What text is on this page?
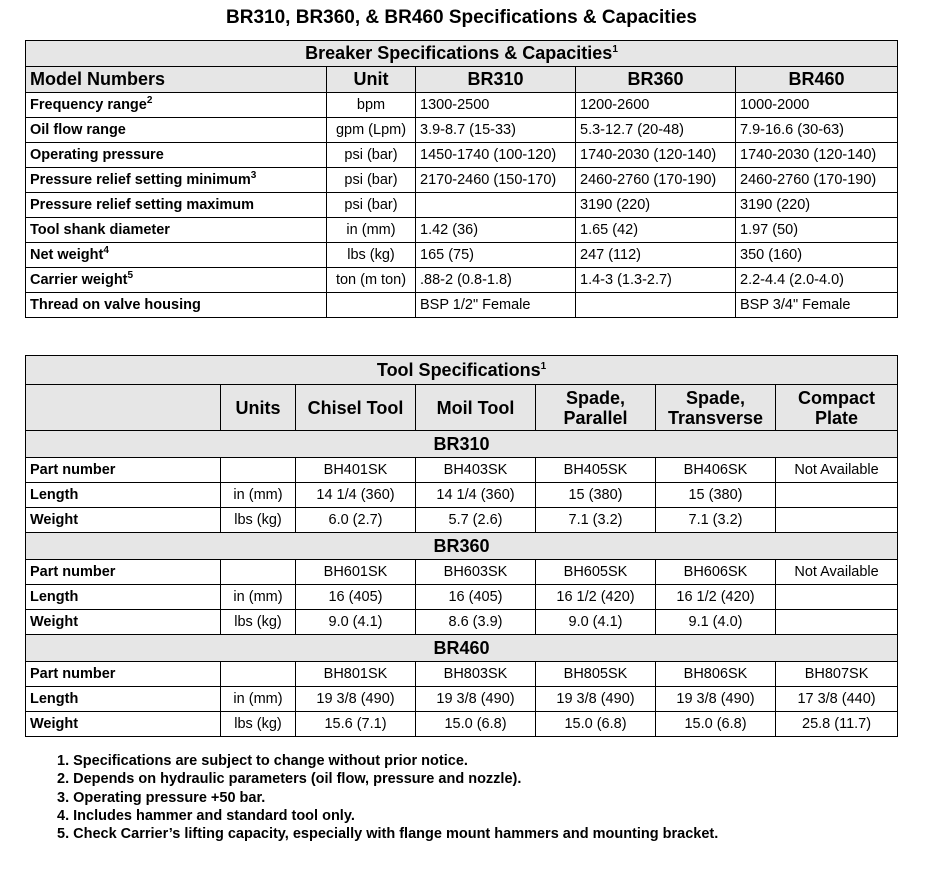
BR310, BR360, & BR460 Specifications & Capacities
Breaker Specifications & Capacities$^1$
Model Numbers	Unit	BR310	BR360	BR460
Frequency range$^2$	bpm	1300-2500	1200-2600	1000-2000
Oil flow range	gpm (Lpm)	3.9-8.7 (15-33)	5.3-12.7 (20-48)	7.9-16.6 (30-63)
Operating pressure	psi (bar)	1450-1740 (100-120)	1740-2030 (120-140)	1740-2030 (120-140)
Pressure relief setting minimum$^3$	psi (bar)	2170-2460 (150-170)	2460-2760 (170-190)	2460-2760 (170-190)
Pressure relief setting maximum	psi (bar)		3190 (220)	3190 (220)
Tool shank diameter	in (mm)	1.42 (36)	1.65 (42)	1.97 (50)
Net weight$^4$	lbs (kg)	165 (75)	247 (112)	350 (160)
Carrier weight$^5$	ton (m ton)	.88-2 (0.8-1.8)	1.4-3 (1.3-2.7)	2.2-4.4 (2.0-4.0)
Thread on valve housing		BSP 1/2" Female		BSP 3/4" Female
Tool Specifications$^1$
	Units	Chisel Tool	Moil Tool	Spade, Parallel	Spade, Transverse	Compact Plate
BR310						
Part number		BH401SK	BH403SK	BH405SK	BH406SK	Not Available
Length	in (mm)	14 1/4 (360)	14 1/4 (360)	15 (380)	15 (380)	
Weight	lbs (kg)	6.0 (2.7)	5.7 (2.6)	7.1 (3.2)	7.1 (3.2)	
BR360						
Part number		BH601SK	BH603SK	BH605SK	BH606SK	Not Available
Length	in (mm)	16 (405)	16 (405)	16 1/2 (420)	16 1/2 (420)	
Weight	lbs (kg)	9.0 (4.1)	8.6 (3.9)	9.0 (4.1)	9.1 (4.0)	
BR460						
Part number		BH801SK	BH803SK	BH805SK	BH806SK	BH807SK
Length	in (mm)	19 3/8 (490)	19 3/8 (490)	19 3/8 (490)	19 3/8 (490)	17 3/8 (440)
Weight	lbs (kg)	15.6 (7.1)	15.0 (6.8)	15.0 (6.8)	15.0 (6.8)	25.8 (11.7)
1. Specifications are subject to change without prior notice.
2. Depends on hydraulic parameters (oil flow, pressure and nozzle).
3. Operating pressure +50 bar.
4. Includes hammer and standard tool only.
5. Check Carrier’s lifting capacity, especially with flange mount hammers and mounting bracket.
